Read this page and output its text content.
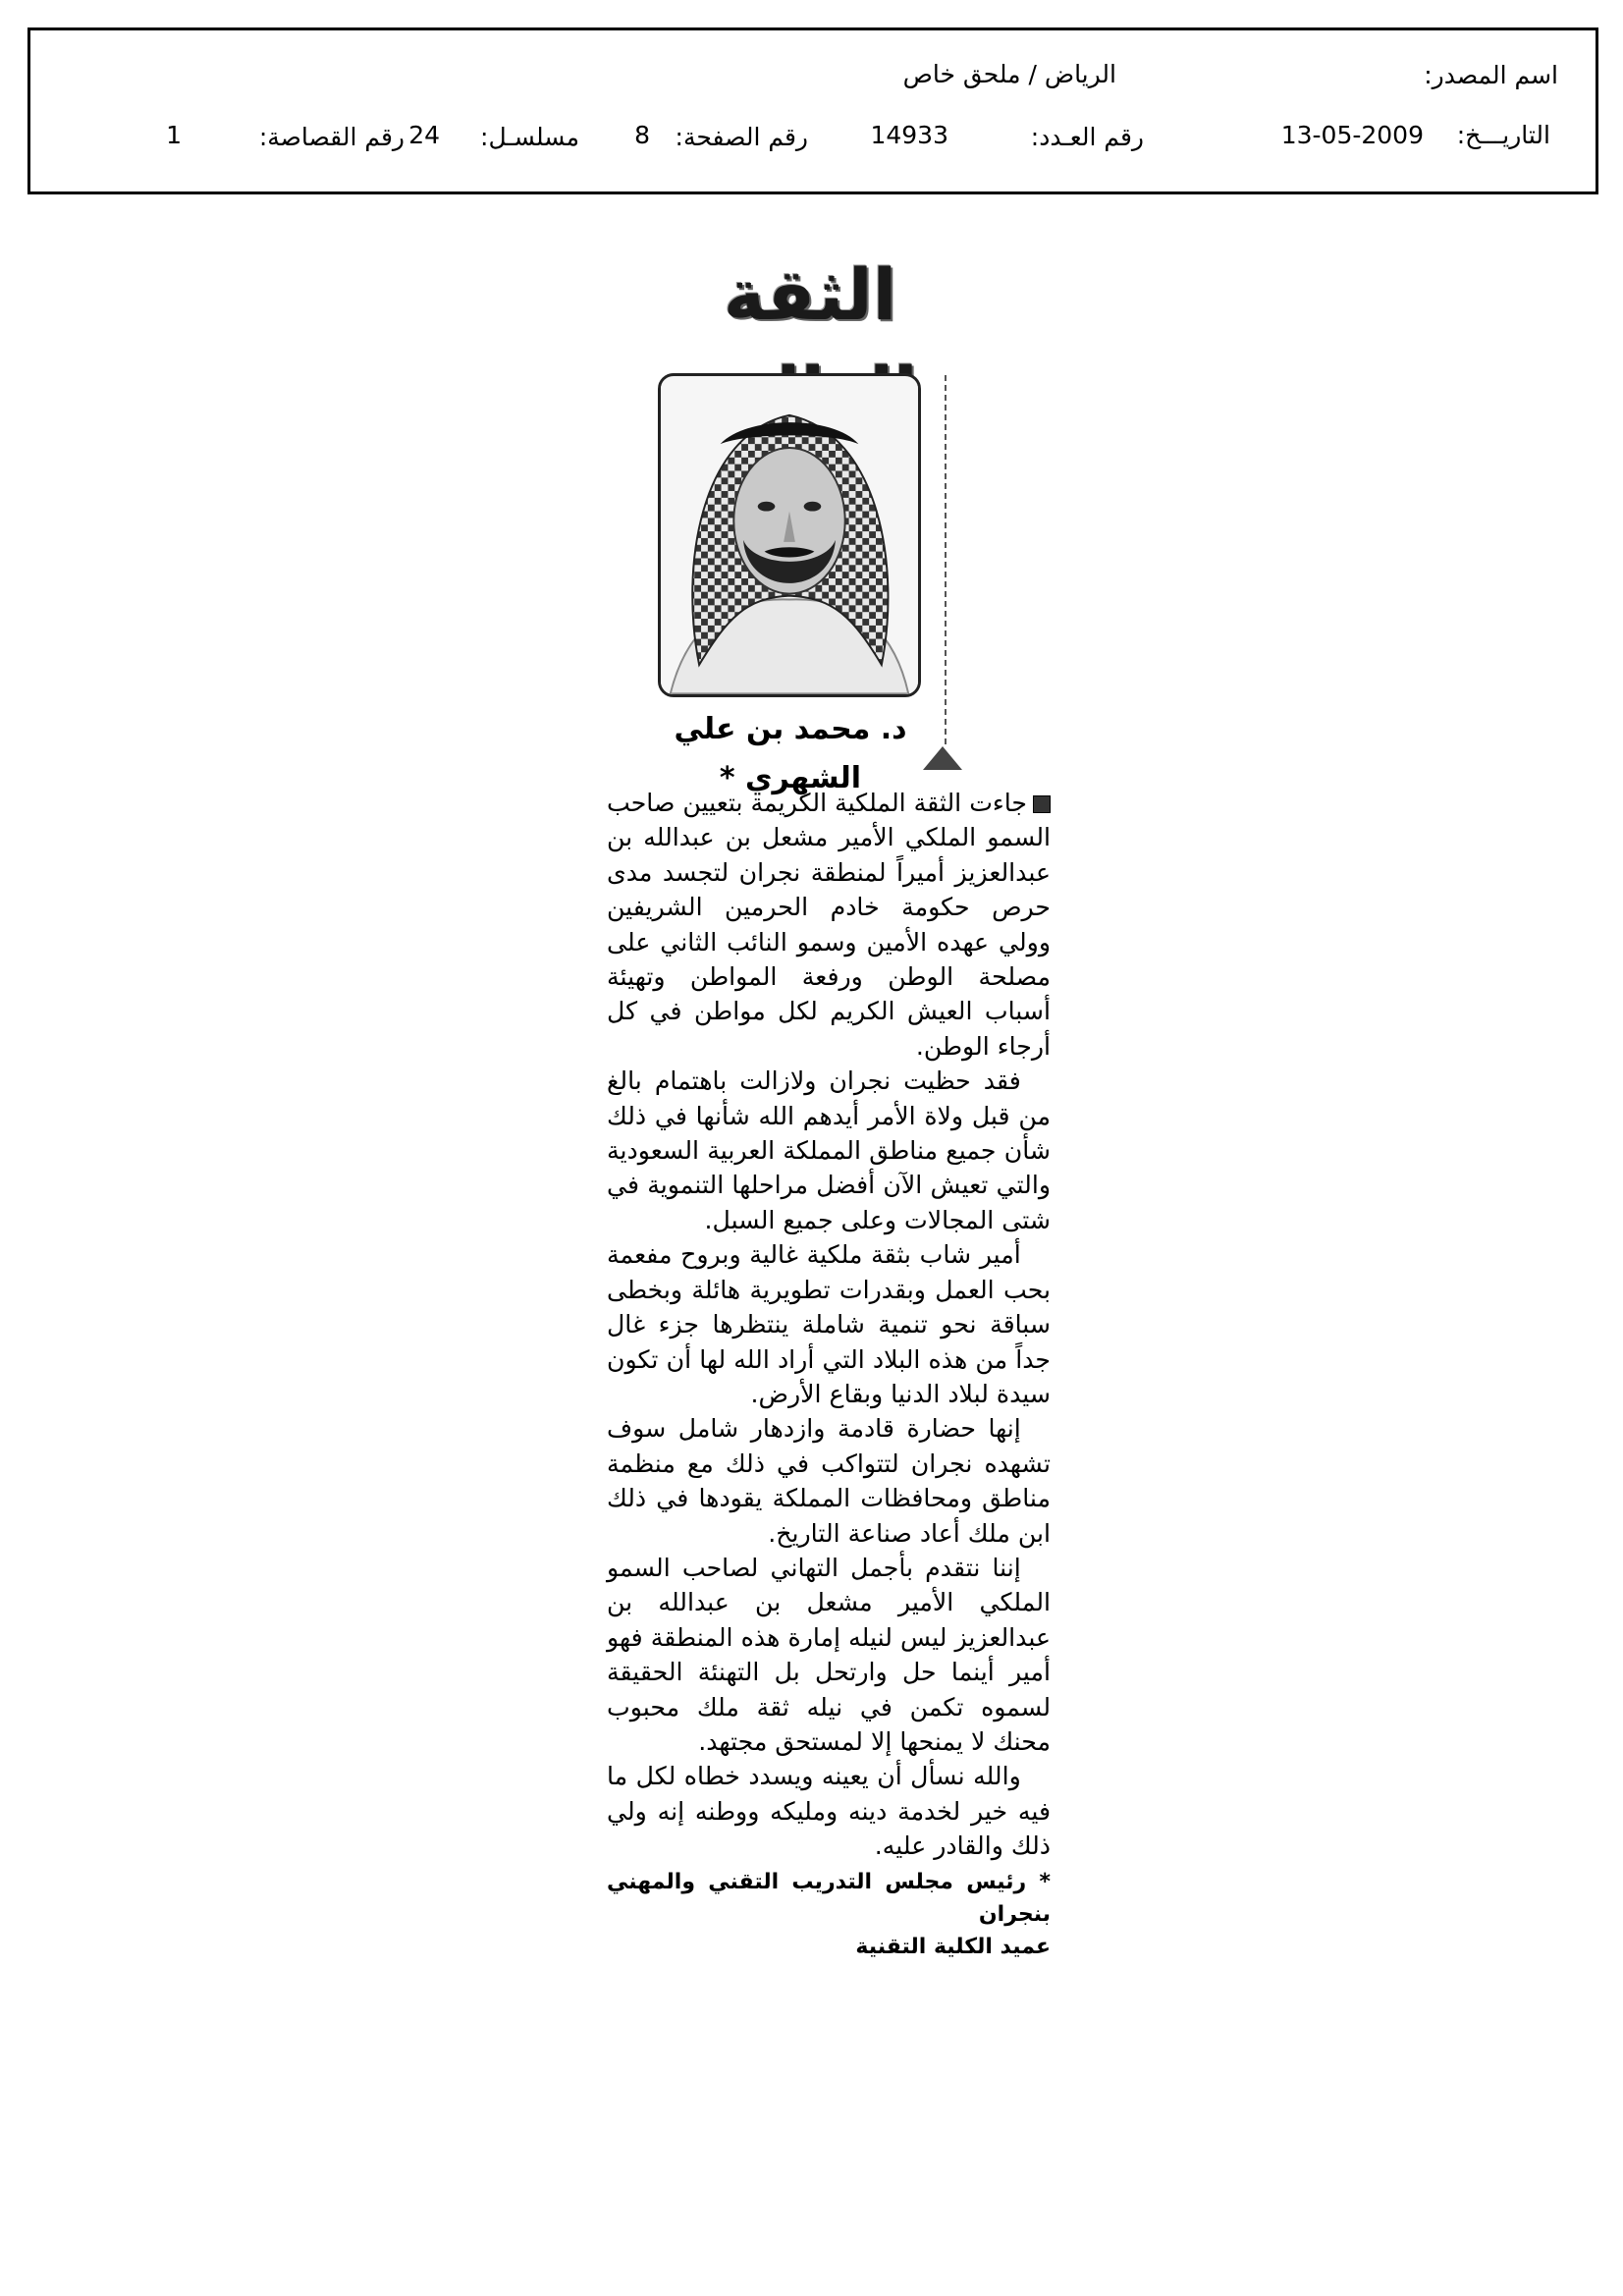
اسم المصدر:
الرياض / ملحق خاص
التاريـــخ:
13-05-2009
رقم العـدد:
14933
رقم الصفحة:
8
مسلسـل:
24
رقم القصاصة:
1
الثقة
د. محمد بن علي الشهري *

جاءت الثقة الملكية الكريمة بتعيين صاحب السمو الملكي الأمير مشعل بن عبدالله بن عبدالعزيز أميراً لمنطقة نجران لتجسد مدى حرص حكومة خادم الحرمين الشريفين وولي عهده الأمين وسمو النائب الثاني على مصلحة الوطن ورفعة المواطن وتهيئة أسباب العيش الكريم لكل مواطن في كل أرجاء الوطن.

فقد حظيت نجران ولازالت باهتمام بالغ من قبل ولاة الأمر أيدهم الله شأنها في ذلك شأن جميع مناطق المملكة العربية السعودية والتي تعيش الآن أفضل مراحلها التنموية في شتى المجالات وعلى جميع السبل.

أمير شاب بثقة ملكية غالية وبروح مفعمة بحب العمل وبقدرات تطويرية هائلة وبخطى سباقة نحو تنمية شاملة ينتظرها جزء غال جداً من هذه البلاد التي أراد الله لها أن تكون سيدة لبلاد الدنيا وبقاع الأرض.

إنها حضارة قادمة وازدهار شامل سوف تشهده نجران لتتواكب في ذلك مع منظمة مناطق ومحافظات المملكة يقودها في ذلك ابن ملك أعاد صناعة التاريخ.

إننا نتقدم بأجمل التهاني لصاحب السمو الملكي الأمير مشعل بن عبدالله بن عبدالعزيز ليس لنيله إمارة هذه المنطقة فهو أمير أينما حل وارتحل بل التهنئة الحقيقة لسموه تكمن في نيله ثقة ملك محبوب محنك لا يمنحها إلا لمستحق مجتهد.

والله نسأل أن يعينه ويسدد خطاه لكل ما فيه خير لخدمة دينه ومليكه ووطنه إنه ولي ذلك والقادر عليه.

* رئيس مجلس التدريب التقني والمهني بنجران
عميد الكلية التقنية
